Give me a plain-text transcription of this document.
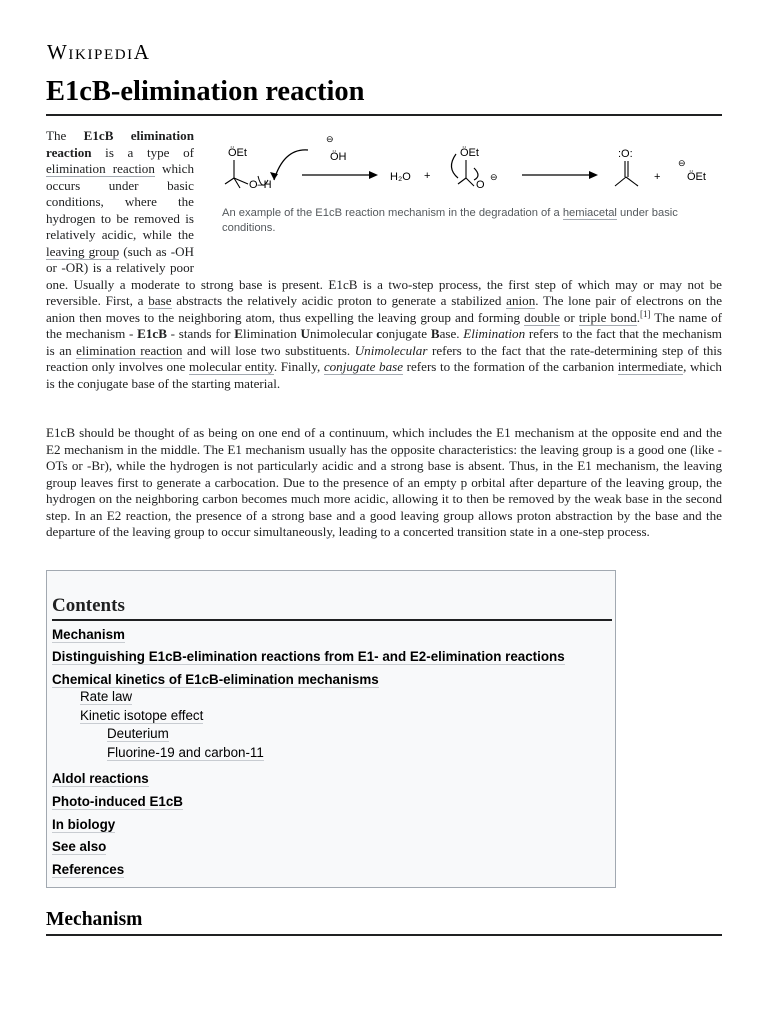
WIKIPEDIA
E1cB-elimination reaction
ÖEt
O–H
⊖
ÖH
H₂O +
ÖEt
O
⊖
:O:
+
⊖
ÖEt
An example of the E1cB reaction mechanism in the degradation of a hemiacetal under basic conditions.
The E1cB elimination reaction is a type of elimination reaction which occurs under basic conditions, where the hydrogen to be removed is relatively acidic, while the leaving group (such as -OH or -OR) is a relatively poor one. Usually a moderate to strong base is present. E1cB is a two-step process, the first step of which may or may not be reversible. First, a base abstracts the relatively acidic proton to generate a stabilized anion. The lone pair of electrons on the anion then moves to the neighboring atom, thus expelling the leaving group and forming double or triple bond.[1] The name of the mechanism - E1cB - stands for Elimination Unimolecular conjugate Base. Elimination refers to the fact that the mechanism is an elimination reaction and will lose two substituents. Unimolecular refers to the fact that the rate-determining step of this reaction only involves one molecular entity. Finally, conjugate base refers to the formation of the carbanion intermediate, which is the conjugate base of the starting material.

E1cB should be thought of as being on one end of a continuum, which includes the E1 mechanism at the opposite end and the E2 mechanism in the middle. The E1 mechanism usually has the opposite characteristics: the leaving group is a good one (like -OTs or -Br), while the hydrogen is not particularly acidic and a strong base is absent. Thus, in the E1 mechanism, the leaving group leaves first to generate a carbocation. Due to the presence of an empty p orbital after departure of the leaving group, the hydrogen on the neighboring carbon becomes much more acidic, allowing it to then be removed by the weak base in the second step. In an E2 reaction, the presence of a strong base and a good leaving group allows proton abstraction by the base and the departure of the leaving group to occur simultaneously, leading to a concerted transition state in a one-step process.

Contents
Mechanism
Distinguishing E1cB-elimination reactions from E1- and E2-elimination reactions
Chemical kinetics of E1cB-elimination mechanisms
Rate law
Kinetic isotope effect
Deuterium
Fluorine-19 and carbon-11
Aldol reactions
Photo-induced E1cB
In biology
See also
References
Mechanism
